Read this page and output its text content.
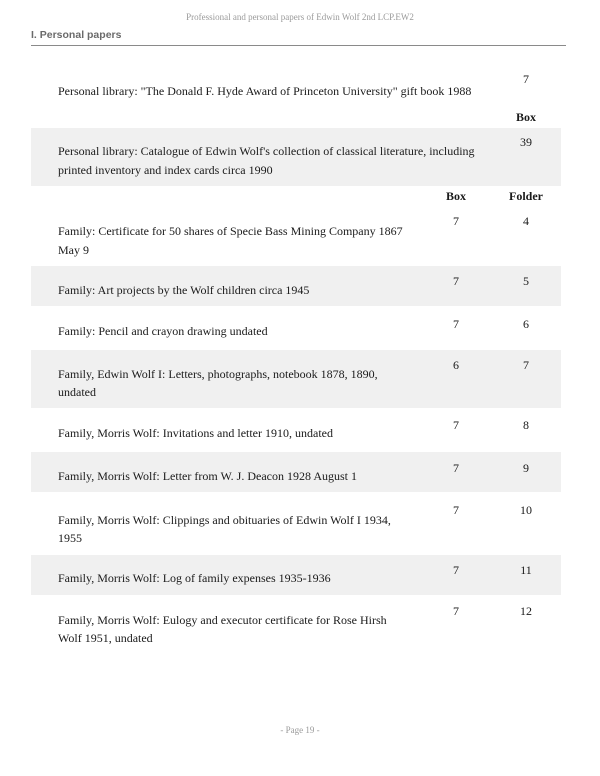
Professional and personal papers of Edwin Wolf 2nd LCP.EW2
I. Personal papers
Personal library: "The Donald F. Hyde Award of Princeton University" gift book 1988
7
Box
Personal library: Catalogue of Edwin Wolf's collection of classical literature, including
printed inventory and index cards circa 1990
39
Box	Folder
Family: Certificate for 50 shares of Specie Bass Mining Company 1867
May 9
7	4
Family: Art projects by the Wolf children circa 1945
7	5
Family: Pencil and crayon drawing undated	7	6
Family, Edwin Wolf I: Letters, photographs, notebook 1878, 1890,
undated
6	7
Family, Morris Wolf: Invitations and letter 1910, undated
7	8
Family, Morris Wolf: Letter from W. J. Deacon 1928 August 1
7	9
Family, Morris Wolf: Clippings and obituaries of Edwin Wolf I 1934,
1955
7	10
Family, Morris Wolf: Log of family expenses 1935-1936
7	11
Family, Morris Wolf: Eulogy and executor certificate for Rose Hirsh
Wolf 1951, undated
7	12
- Page 19 -
